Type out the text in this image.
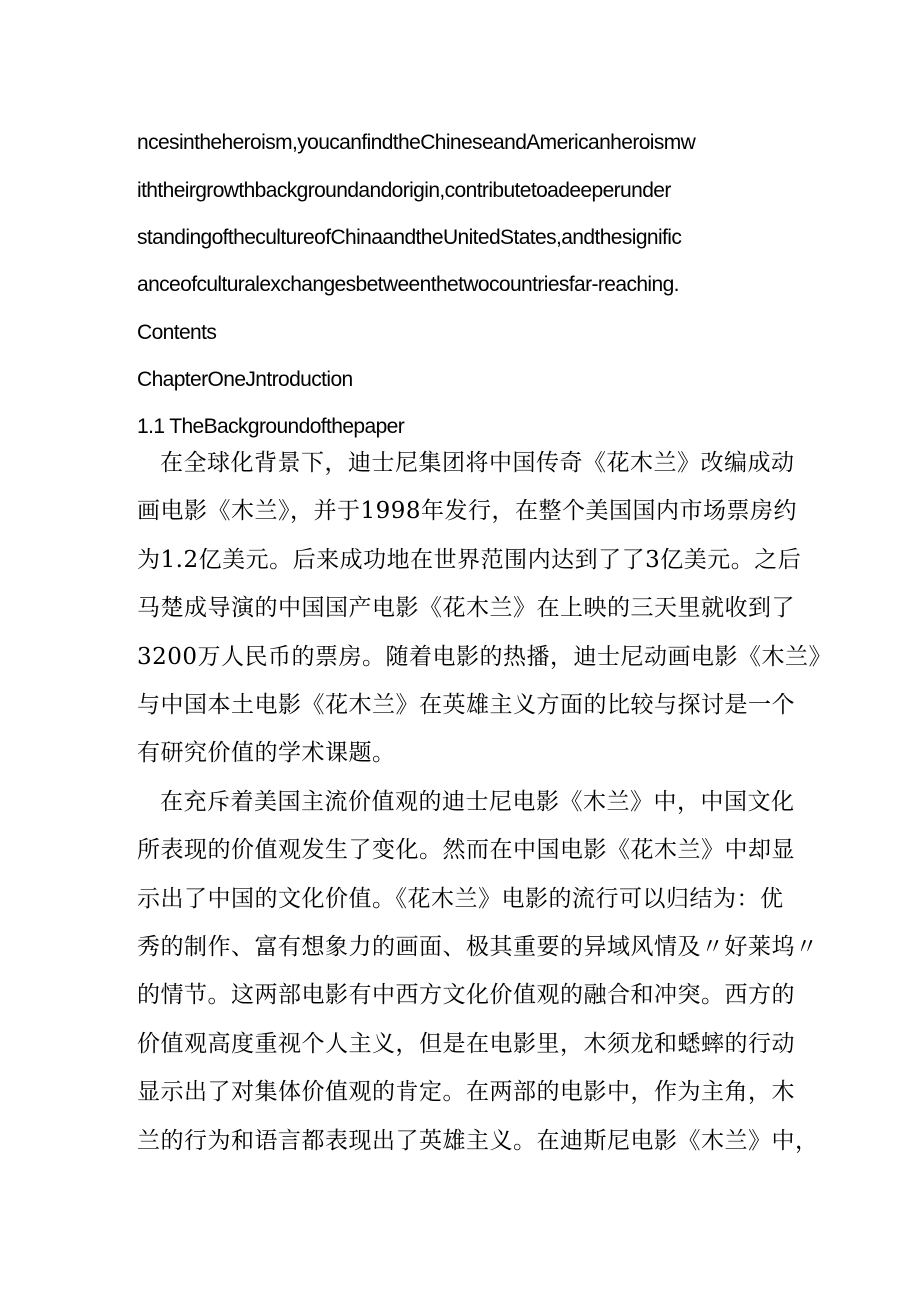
ncesintheheroism,youcanfindtheChineseandAmericanheroismw
iththeirgrowthbackgroundandorigin,contributetoadeeperunder
standingofthecultureofChinaandtheUnitedStates,andthesignific
anceofculturalexchangesbetweenthetwocountriesfar-reaching.
Contents
ChapterOneJntroduction
1.1 TheBackgroundofthepaper
在全球化背景下，迪士尼集团将中国传奇《花木兰》改编成动
画电影《木兰》，并于1998年发行，在整个美国国内市场票房约
为1.2亿美元。后来成功地在世界范围内达到了了3亿美元。之后
马楚成导演的中国国产电影《花木兰》在上映的三天里就收到了
3200万人民币的票房。随着电影的热播，迪士尼动画电影《木兰》
与中国本土电影《花木兰》在英雄主义方面的比较与探讨是一个
有研究价值的学术课题。
在充斥着美国主流价值观的迪士尼电影《木兰》中，中国文化
所表现的价值观发生了变化。然而在中国电影《花木兰》中却显
示出了中国的文化价值。《花木兰》电影的流行可以归结为：优
秀的制作、富有想象力的画面、极其重要的异域风情及〃好莱坞〃
的情节。这两部电影有中西方文化价值观的融合和冲突。西方的
价值观高度重视个人主义，但是在电影里，木须龙和蟋蟀的行动
显示出了对集体价值观的肯定。在两部的电影中，作为主角，木
兰的行为和语言都表现出了英雄主义。在迪斯尼电影《木兰》中，
